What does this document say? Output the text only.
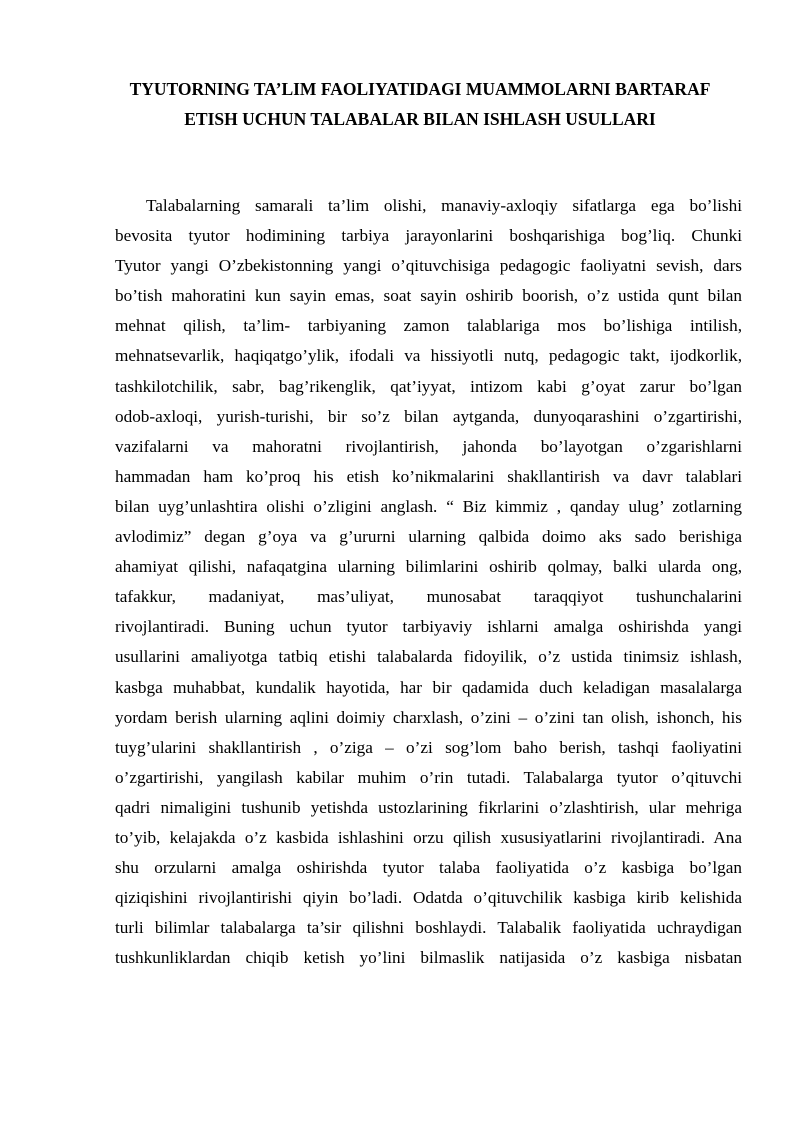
TYUTORNING TA’LIM FAOLIYATIDAGI MUAMMOLARNI BARTARAF
ETISH UCHUN TALABALAR BILAN ISHLASH USULLARI
Talabalarning samarali ta’lim olishi, manaviy-axloqiy sifatlarga ega bo’lishi
bevosita tyutor hodimining tarbiya jarayonlarini boshqarishiga bog’liq. Chunki
Tyutor yangi O’zbekistonning yangi o’qituvchisiga pedagogic faoliyatni sevish, dars
bo’tish mahoratini kun sayin emas, soat sayin oshirib boorish, o’z ustida qunt bilan
mehnat qilish, ta’lim- tarbiyaning zamon talablariga mos bo’lishiga intilish,
mehnatsevarlik, haqiqatgo’ylik, ifodali va hissiyotli nutq, pedagogic takt, ijodkorlik,
tashkilotchilik, sabr, bag’rikenglik, qat’iyyat, intizom kabi g’oyat zarur bo’lgan
odob-axloqi, yurish-turishi, bir so’z bilan aytganda, dunyoqarashini o’zgartirishi,
vazifalarni va mahoratni rivojlantirish, jahonda bo’layotgan o’zgarishlarni
hammadan ham ko’proq his etish ko’nikmalarini shakllantirish va davr talablari
bilan uyg’unlashtira olishi o’zligini anglash. “ Biz kimmiz , qanday ulug’ zotlarning
avlodimiz” degan g’oya va g’ururni ularning qalbida doimo aks sado berishiga
ahamiyat qilishi, nafaqatgina ularning bilimlarini oshirib qolmay, balki ularda ong,
tafakkur, madaniyat, mas’uliyat, munosabat taraqqiyot tushunchalarini
rivojlantiradi. Buning uchun tyutor tarbiyaviy ishlarni amalga oshirishda yangi
usullarini amaliyotga tatbiq etishi talabalarda fidoyilik, o’z ustida tinimsiz ishlash,
kasbga muhabbat, kundalik hayotida, har bir qadamida duch keladigan masalalarga
yordam berish ularning aqlini doimiy charxlash, o’zini – o’zini tan olish, ishonch, his
tuyg’ularini shakllantirish , o’ziga – o’zi sog’lom baho berish, tashqi faoliyatini
o’zgartirishi, yangilash kabilar muhim o’rin tutadi. Talabalarga tyutor o’qituvchi
qadri nimaligini tushunib yetishda ustozlarining fikrlarini o’zlashtirish, ular mehriga
to’yib, kelajakda o’z kasbida ishlashini orzu qilish xususiyatlarini rivojlantiradi. Ana
shu orzularni amalga oshirishda tyutor talaba faoliyatida o’z kasbiga bo’lgan
qiziqishini rivojlantirishi qiyin bo’ladi. Odatda o’qituvchilik kasbiga kirib kelishida
turli bilimlar talabalarga ta’sir qilishni boshlaydi. Talabalik faoliyatida uchraydigan
tushkunliklardan chiqib ketish yo’lini bilmaslik natijasida o’z kasbiga nisbatan
